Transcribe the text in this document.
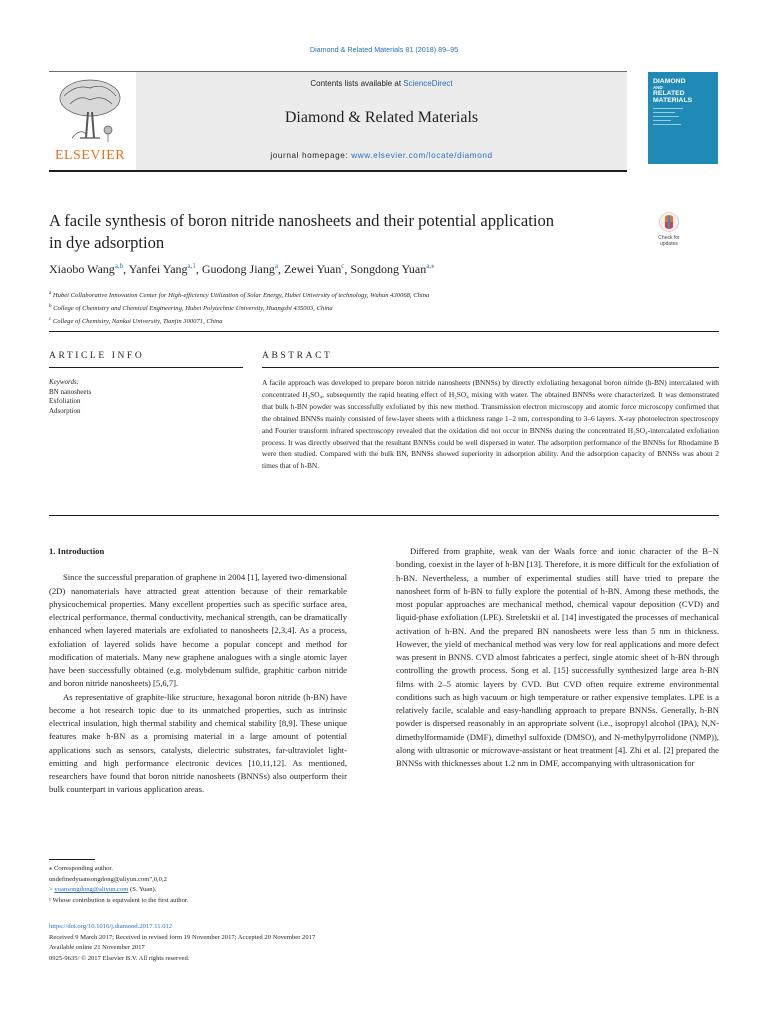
Diamond & Related Materials 81 (2018) 89–95
ELSEVIER
Contents lists available at ScienceDirect
Diamond & Related Materials
journal homepage: www.elsevier.com/locate/diamond
DIAMOND
AND
RELATED
MATERIALS
A facile synthesis of boron nitride nanosheets and their potential application
in dye adsorption	Check for
updates
Xiaobo Wang$^{a,b}$, Yanfei Yang$^{a,1}$, Guodong Jiang$^a$, Zewei Yuan$^c$, Songdong Yuan$^{a,⁎}$
$^a$ Hubei Collaborative Innovation Center for High-efficiency Utilization of Solar Energy, Hubei University of technology, Wuhan 430068, China
$^b$ College of Chemistry and Chemical Engineering, Hubei Polytechnic University, Huangshi 435003, China
$^c$ College of Chemistry, Nankai University, Tianjin 300071, China
ARTICLE INFO
Keywords:
BN nanosheets
Exfoliation
Adsorption
ABSTRACT
A facile approach was developed to prepare boron nitride nanosheets (BNNSs) by directly exfoliating hexagonal boron nitride (h-BN) intercalated with concentrated H₂SO₄, subsequently the rapid heating effect of H₂SO₄ mixing with water. The obtained BNNSs were characterized. It was demonstrated that bulk h-BN powder was successfully exfoliated by this new method. Transmission electron microscopy and atomic force microscopy confirmed that the obtained BNNSs mainly consisted of few-layer sheets with a thickness range 1–2 nm, corresponding to 3–6 layers. X-ray photoelectron spectroscopy and Fourier transform infrared spectroscopy revealed that the oxidation did not occur in BNNSs during the concentrated H₂SO₄-intercalated exfoliation process. It was directly observed that the resultant BNNSs could be well dispersed in water. The adsorption performance of the BNNSs for Rhodamine B were then studied. Compared with the bulk BN, BNNSs showed superiority in adsorption ability. And the adsorption capacity of BNNSs was about 2 times that of h-BN.
1. Introduction

Since the successful preparation of graphene in 2004 [1], layered two-dimensional (2D) nanomaterials have attracted great attention because of their remarkable physicochemical properties. Many excellent properties such as specific surface area, electrical performance, thermal conductivity, mechanical strength, can be dramatically enhanced when layered materials are exfoliated to nanosheets [2,3,4]. As a process, exfoliation of layered solids have become a popular concept and method for modification of materials. Many new graphene analogues with a single atomic layer have been successfully obtained (e.g. molybdenum sulfide, graphitic carbon nitride and boron nitride nanosheets) [5,6,7].

As representative of graphite-like structure, hexagonal boron nitride (h-BN) have become a hot research topic due to its unmatched properties, such as intrinsic electrical insulation, high thermal stability and chemical stability [8,9]. These unique features make h-BN as a promising material in a large amount of potential applications such as sensors, catalysts, dielectric substrates, far-ultraviolet light-emitting and high performance electronic devices [10,11,12]. As mentioned, researchers have found that boron nitride nanosheets (BNNSs) also outperform their bulk counterpart in various application areas.

Differed from graphite, weak van der Waals force and ionic character of the B−N bonding, coexist in the layer of h-BN [13]. Therefore, it is more difficult for the exfoliation of h-BN. Nevertheless, a number of experimental studies still have tried to prepare the nanosheet form of h-BN to fully explore the potential of h-BN. Among these methods, the most popular approaches are mechanical method, chemical vapour deposition (CVD) and liquid-phase exfoliation (LPE). Streletskii et al. [14] investigated the processes of mechanical activation of h-BN. And the prepared BN nanosheets were less than 5 nm in thickness. However, the yield of mechanical method was very low for real applications and more defect was present in BNNS. CVD almost fabricates a perfect, single atomic sheet of h-BN through controlling the growth process. Song et al. [15] successfully synthesized large area h-BN films with 2–5 atomic layers by CVD. But CVD often require extreme environmental conditions such as high vacuum or high temperature or rather expensive templates. LPE is a relatively facile, scalable and easy-handling approach to prepare BNNSs. Generally, h-BN powder is dispersed reasonably in an appropriate solvent (i.e., isopropyl alcohol (IPA), N,N-dimethylformamide (DMF), dimethyl sulfoxide (DMSO), and N-methylpyrrolidone (NMP)), along with ultrasonic or microwave-assistant or heat treatment [4]. Zhi et al. [2] prepared the BNNSs with thicknesses about 1.2 nm in DMF, accompanying with ultrasonication for

⁎ Corresponding author.
undefinedyuansongdong@aliyun.com",0,0,2
> yuansongdong@aliyun.com (S. Yuan).
¹ Whose contribution is equivalent to the first author.
https://doi.org/10.1016/j.diamond.2017.11.012
Received 9 March 2017; Received in revised form 19 November 2017; Accepted 20 November 2017
Available online 21 November 2017
0925-9635/ © 2017 Elsevier B.V. All rights reserved.
